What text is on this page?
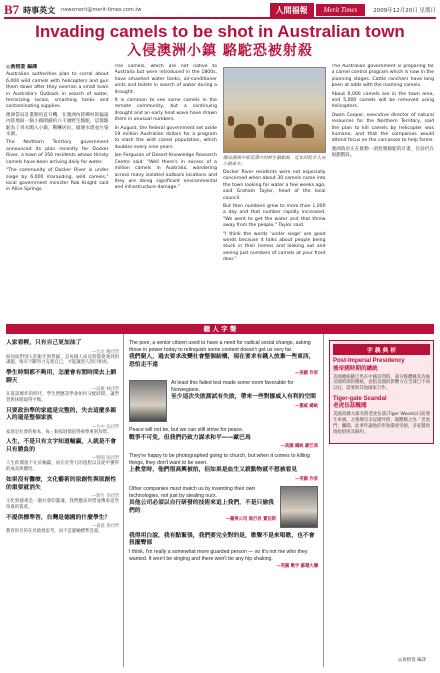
B7 時事英文 newsmerit@merit-times.com.tw	人間福報	Merit Times	2009年12月20日 星期日
Invading camels to be shot in Australian town
入侵澳洲小鎮 駱駝恐被射殺
◎黃榕菱 編譯

Australian authorities plan to corral about 6,000 wild camels with helicopters and gun them down after they overran a small town in Australia's Outback in search of water, terrorizing locals, smashing tanks and contaminating supplies.

澳洲當局計畫動用直升機，在澳洲內陸鄉村的偏遠內陸地區一個小鎮圍捕約六千頭野生駱駝，這群駱駝為了尋水闖入小鎮，驚嚇居民、破壞水塔並污染水源。

The Northern Territory government announced its plan recently for Docker River, a town of 350 residents whose thirsty camels have been arriving daily for water.

"The community of Docker River is under siege by 6,000 marauding, wild camels," local government minister Rob Knight said in Alice Springs.

The camels, which are not native to Australia but were introduced in the 1800s, have smashed water tanks, air-conditioner units and toilets in search of water during a drought.

It is common to see some camels in the remote community, but a continuing drought and an early heat wave have drawn them in unusual numbers.

In August, the federal government set aside 19 million Australian dollars for a program to slash the wild camel population, which doubles every nine years.

Jan Ferguson of Desert Knowledge Research Centre said: "Well there's in excess of a million camels in Australia, wandering across many isolated outback locations and they are doing significant environmental and infrastructure damage."

圖為澳洲中部荒漠中的野生駱駝群，近年因乾旱入侵小鎮尋水。

Docker River residents were not especially concerned when about 30 camels came into the town looking for water a few weeks ago, said Graham Taylor, head of the local council.

But then numbers grew to more than 1,000 a day and that number rapidly increased. "We went to get the water and that threw away from the people," Taylor said.

"I think the words 'under siege' are good words because it talks about people being stuck in their homes and looking out and seeing just numbers of camels at your front door."

The Australian government is preparing for a camel control program which is now in the planning stages. Cattle ranchers have long been at odds with the roaming camels.

About 6,000 camels are in the town area, and 5,000 camels will be removed using helicopters.

Owen Cooper, executive director of natural resources for the Northern Territory, said the plan to kill camels by helicopter was humane, and that the companies would attend focus on the carcasses to help farms.

澳洲政府正在推動一項控制駱駝的計畫，目前仍在規劃階段。

聽 人 字 聲
人家看輕，只有自己更加油了
—台北 陳同學
如何面對別人的眼光與質疑，是每個人成長時都會遇到的課題。唯有不斷努力充實自己，才能讓別人刮目相看。
學生時間都不夠用，怎麼會有閒時間去上網聊天
—高雄 林同學
在資訊爆炸的時代，學生們應該學會如何分配時間，讓學習與休閒取得平衡。
只要政治準的家庭是完整的，失去這麼多親人的還是整個家族
—台中 吳同學
家庭是社會的根本，每一個家庭都值得被尊重與珍惜。
人生，不是只有文字知道輸贏，人就是不會只有勝負的
—桃園 張同學
人生的價值不在於輸贏，而在於努力的過程以及從中獲得的成長與體悟。
如果沒有醫療，文化藝術的原創性與原創性的重要就消失
—新竹 李同學
文化與藝術是一個社會的靈魂，我們應該珍惜並傳承這些珍貴的資產。
不提供標準答，台灣是德國的什麼學生？
—嘉義 黃同學
教育的目的在於啟發思考，而不是灌輸標準答案。
The poor, a senior citizen used to have a need for radical social change, asking those in power today to relinquish some content doesn't get us very far.
我們窮人，過去要求改變社會整個結構，現在要求有錢人放棄一些東西，恐怕走不遠
—美國 作家
At least this failed test made some room favorable for Norwegians.
至少這次失敗測試有失敗，帶來一些對挪威人有利的空間
—挪威 總統
Peace will not be, but we can still strive for peace.
戰爭不可免，但我們仍致力謀求和平——歐巴馬
—美國 總統 歐巴馬
They're happy to be photographed going to church, but when it comes to killing things, they don't want to be seen.
上教堂時，他們很高興被拍，但如果是血生又殺動物就不想被看見
—英國 作家
Other companies must match us by inventing their own technologies, not just by stealing ours.
其他公司必須以自行研發的技術來追上我們，不是只偷我們的
—蘋果公司 執行長 賈伯斯
我得坦白說，我有點緊張，我們要完全對的是，歌聲不是來唱歌，也不會扭擺臀部
I think, I'm really a somewhat more guarded person — so it's not me who they wanted. It won't be singing and there won't be any hip shaking.
—英國 歌手 蘇珊大嬸
字 義 典 析
Post-Imperial Presidency
後帝國時期的總統
美國總統歐巴馬在中國訪問時，部分媒體稱其為後帝國時期的總統，意指美國的影響力在全球已不如以往，需要與其他國家合作。
Tiger-gate Scandal
老虎伍茲醜聞
美國高爾夫球名將老虎伍茲(Tiger Woods)日前發生車禍，之後爆出多起婚外情，媒體稱之為「老虎門」醜聞，此事件讓他的形象嚴重受損，多家贊助商紛紛與其解約。
◎黃榕菱 編譯
